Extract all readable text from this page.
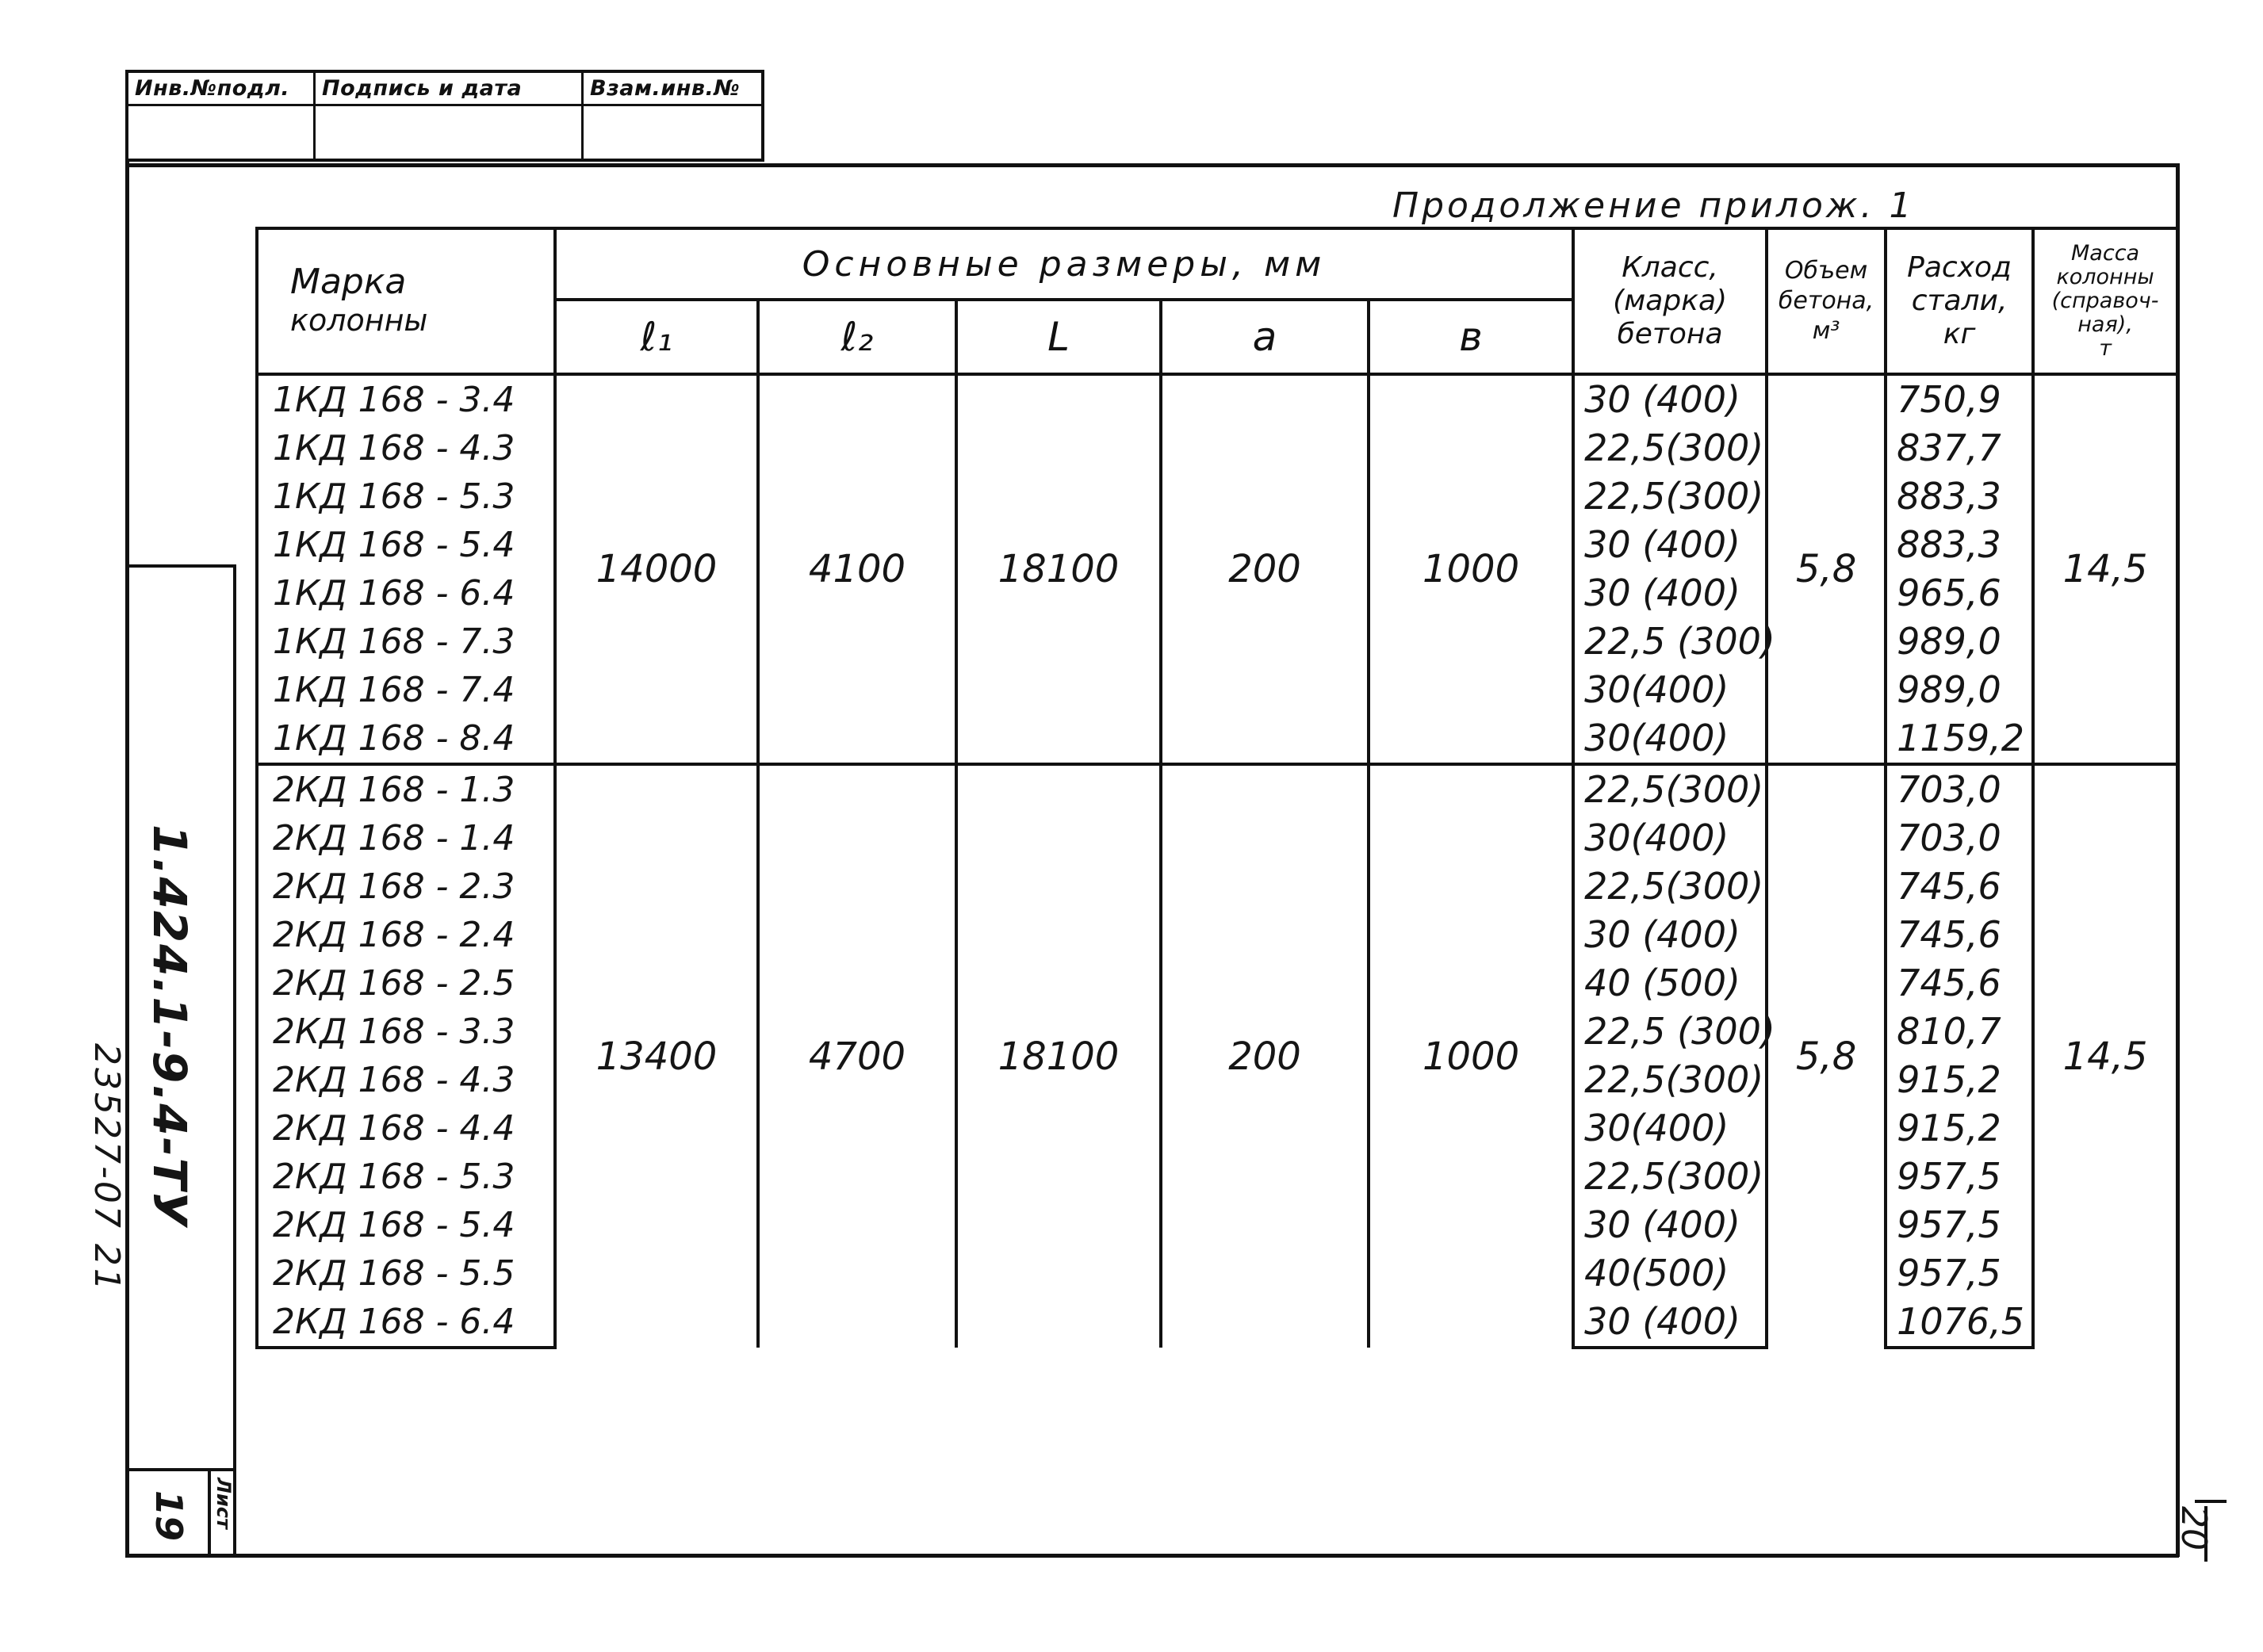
Инв.№подл.	Подпись и дата	Взам.инв.№
20
1.424.1-9.4-ТУ
19 Лист
23527-07 21
Продолжение прилож. 1
Марка
колонны	Основные размеры, мм					Класс,
(марка)
бетона	Объем
бетона,
м³	Расход
стали,
кг	Масса
колонны
(справоч-
ная),
т

	ℓ₁	ℓ₂	L	a	в				
1КД 168 - 3.4	14000	4100	18100	200	1000	30 (400)	5,8	750,9	14,5
1КД 168 - 4.3						22,5(300)		837,7	
1КД 168 - 5.3						22,5(300)		883,3	
1КД 168 - 5.4						30 (400)		883,3	
1КД 168 - 6.4						30 (400)		965,6	
1КД 168 - 7.3						22,5 (300)		989,0	
1КД 168 - 7.4						30(400)		989,0	
1КД 168 - 8.4						30(400)		1159,2	
2КД 168 - 1.3	13400	4700	18100	200	1000	22,5(300)	5,8	703,0	14,5
2КД 168 - 1.4						30(400)		703,0	
2КД 168 - 2.3						22,5(300)		745,6	
2КД 168 - 2.4						30 (400)		745,6	
2КД 168 - 2.5						40 (500)		745,6	
2КД 168 - 3.3						22,5 (300)		810,7	
2КД 168 - 4.3						22,5(300)		915,2	
2КД 168 - 4.4						30(400)		915,2	
2КД 168 - 5.3						22,5(300)		957,5	
2КД 168 - 5.4						30 (400)		957,5	
2КД 168 - 5.5						40(500)		957,5	
2КД 168 - 6.4						30 (400)		1076,5	
